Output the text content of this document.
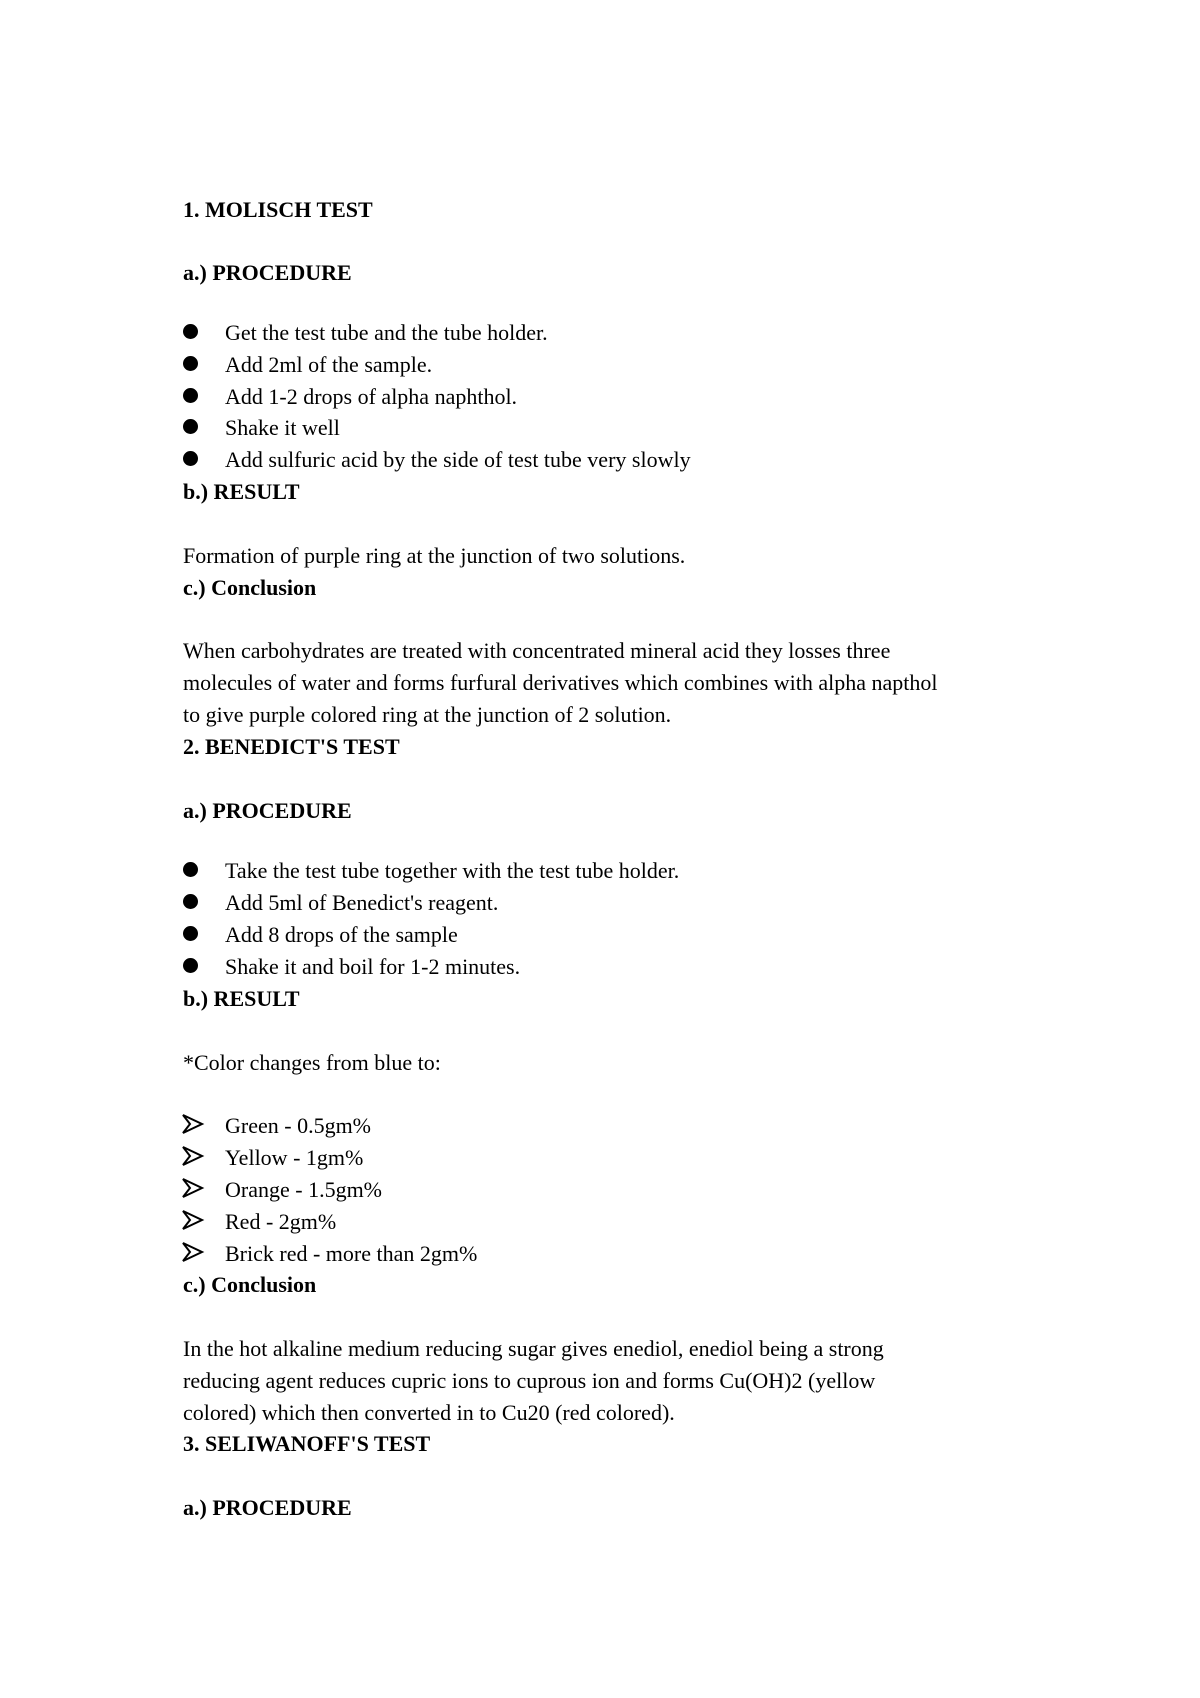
1. MOLISCH TEST
a.) PROCEDURE
Get the test tube and the tube holder.
Add 2ml of the sample.
Add 1-2 drops of alpha naphthol.
Shake it well
Add sulfuric acid by the side of test tube very slowly
b.) RESULT
Formation of purple ring at the junction of two solutions.
c.) Conclusion
When carbohydrates are treated with concentrated mineral acid they losses three
molecules of water and forms furfural derivatives which combines with alpha napthol
to give purple colored ring at the junction of 2 solution.
2. BENEDICT'S TEST
a.) PROCEDURE
Take the test tube together with the test tube holder.
Add 5ml of Benedict's reagent.
Add 8 drops of the sample
Shake it and boil for 1-2 minutes.
b.) RESULT
*Color changes from blue to:
Green - 0.5gm%
Yellow - 1gm%
Orange - 1.5gm%
Red - 2gm%
Brick red - more than 2gm%
c.) Conclusion
In the hot alkaline medium reducing sugar gives enediol, enediol being a strong
reducing agent reduces cupric ions to cuprous ion and forms Cu(OH)2 (yellow
colored) which then converted in to Cu20 (red colored).
3. SELIWANOFF'S TEST
a.) PROCEDURE
